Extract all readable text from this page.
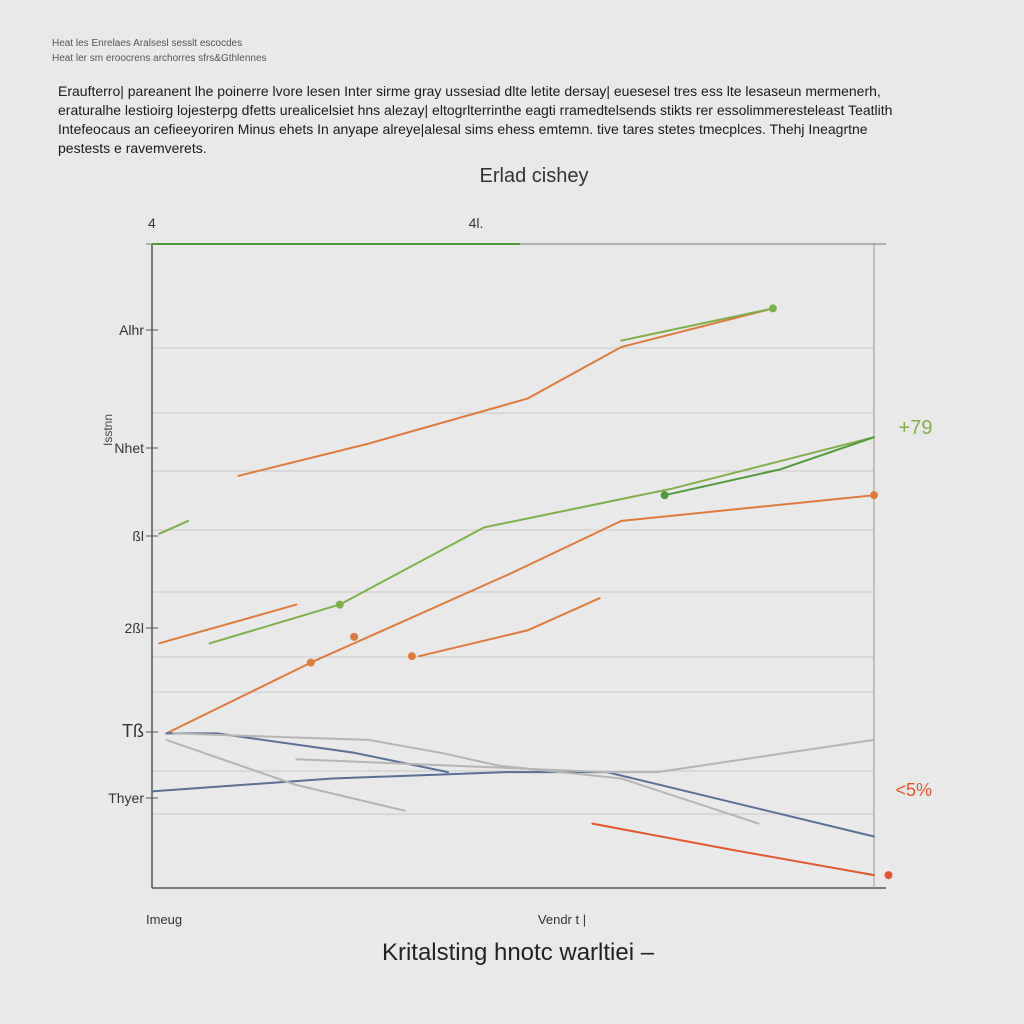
Heat les Enrelaes Aralsesl sesslt escocdes
Heat ler sm eroocrens archorres sfrs&Gthlennes
Eraufterro| pareanent lhe poinerre lvore lesen Inter sirme gray ussesiad dlte letite dersay| euesesel tres ess lte lesaseun mermenerh,
eraturalhe lestioirg lojesterpg dfetts urealicelsiet hns alezay| eltogrlterrinthe eagti rramedtelsends stikts rer essolimmeresteleast Teatlith
Intefeocaus an cefieeyoriren Minus ehets In anyape alreye|alesal sims ehess emtemn. tive tares stetes tmecplces. Thehj Ineagrtne
pestests e ravemverets.
Erlad cishey
4	4l.
Isstnn
Alhr
Nhet
ßl
2ßl
Tß
Thyer
+79
<5%
Imeug	Vendr t |
Kritalsting hnotc warltiei –
